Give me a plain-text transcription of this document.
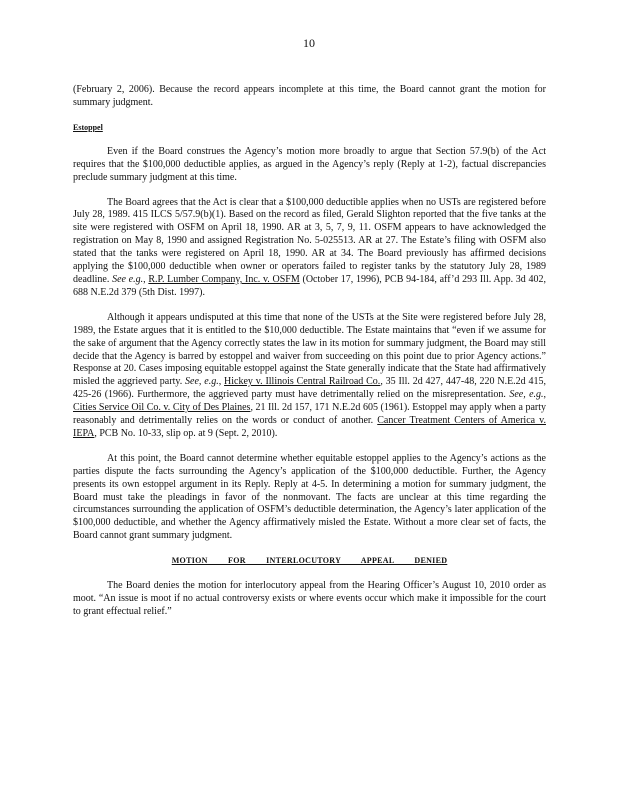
10

(February 2, 2006). Because the record appears incomplete at this time, the Board cannot grant the motion for summary judgment.

Estoppel

Even if the Board construes the Agency’s motion more broadly to argue that Section 57.9(b) of the Act requires that the $100,000 deductible applies, as argued in the Agency’s reply (Reply at 1-2), factual discrepancies preclude summary judgment at this time.

The Board agrees that the Act is clear that a $100,000 deductible applies when no USTs are registered before July 28, 1989. 415 ILCS 5/57.9(b)(1). Based on the record as filed, Gerald Slighton reported that the five tanks at the site were registered with OSFM on April 18, 1990. AR at 3, 5, 7, 9, 11. OSFM appears to have acknowledged the registration on May 8, 1990 and assigned Registration No. 5-025513. AR at 27. The Estate’s filing with OSFM also stated that the tanks were registered on April 18, 1990. AR at 34. The Board previously has affirmed decisions applying the $100,000 deductible when owner or operators failed to register tanks by the statutory July 28, 1989 deadline. See e.g., R.P. Lumber Company, Inc. v. OSFM (October 17, 1996), PCB 94-184, aff’d 293 Ill. App. 3d 402, 688 N.E.2d 379 (5th Dist. 1997).

Although it appears undisputed at this time that none of the USTs at the Site were registered before July 28, 1989, the Estate argues that it is entitled to the $10,000 deductible. The Estate maintains that “even if we assume for the sake of argument that the Agency correctly states the law in its motion for summary judgment, the Board may still decide that the Agency is barred by estoppel and waiver from succeeding on this point due to prior Agency actions.” Response at 20. Cases imposing equitable estoppel against the State generally indicate that the State had affirmatively misled the aggrieved party. See, e.g., Hickey v. Illinois Central Railroad Co., 35 Ill. 2d 427, 447-48, 220 N.E.2d 415, 425-26 (1966). Furthermore, the aggrieved party must have detrimentally relied on the misrepresentation. See, e.g., Cities Service Oil Co. v. City of Des Plaines, 21 Ill. 2d 157, 171 N.E.2d 605 (1961). Estoppel may apply when a party reasonably and detrimentally relies on the words or conduct of another. Cancer Treatment Centers of America v. IEPA, PCB No. 10-33, slip op. at 9 (Sept. 2, 2010).

At this point, the Board cannot determine whether equitable estoppel applies to the Agency’s actions as the parties dispute the facts surrounding the Agency’s application of the $100,000 deductible. Further, the Agency presents its own estoppel argument in its Reply. Reply at 4-5. In determining a motion for summary judgment, the Board must take the pleadings in favor of the nonmovant. The facts are unclear at this time regarding the circumstances surrounding the application of OSFM’s deductible determination, the Agency’s later application of the $100,000 deductible, and whether the Agency affirmatively misled the Estate. Without a more clear set of facts, the Board cannot grant summary judgment.

MOTION FOR INTERLOCUTORY APPEAL DENIED

The Board denies the motion for interlocutory appeal from the Hearing Officer’s August 10, 2010 order as moot. “An issue is moot if no actual controversy exists or where events occur which make it impossible for the court to grant effectual relief.”
